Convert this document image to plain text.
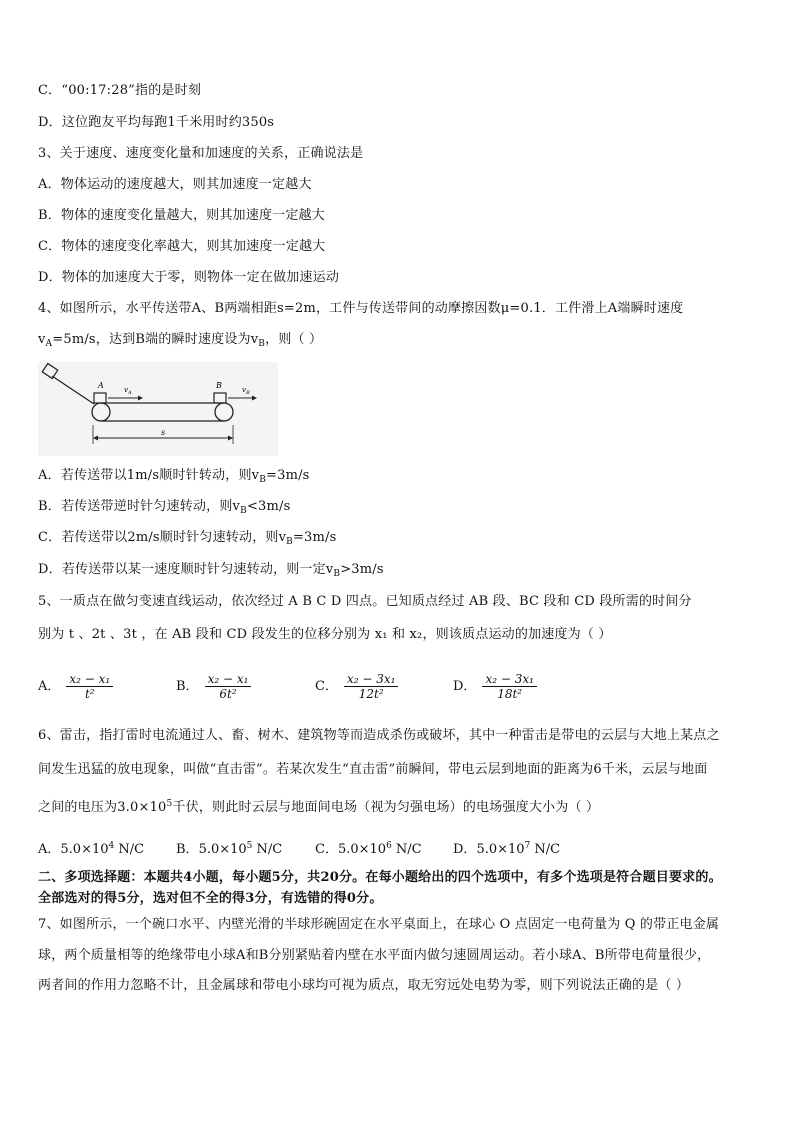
C．“00:17:28”指的是时刻
D．这位跑友平均每跑1千米用时约350s
3、关于速度、速度变化量和加速度的关系，正确说法是
A．物体运动的速度越大，则其加速度一定越大
B．物体的速度变化量越大，则其加速度一定越大
C．物体的速度变化率越大，则其加速度一定越大
D．物体的加速度大于零，则物体一定在做加速运动
4、如图所示，水平传送带A、B两端相距s=2m，工件与传送带间的动摩擦因数μ=0.1．工件滑上A端瞬时速度
$v_A=5m/s$，达到B端的瞬时速度设为$v_B$，则（ ）
A	B
$v_A$	$v_B$
s
A．若传送带以1m/s顺时针转动，则$v_B=3m/s$
B．若传送带逆时针匀速转动，则$v_B<3m/s$
C．若传送带以2m/s顺时针匀速转动，则$v_B=3m/s$
D．若传送带以某一速度顺时针匀速转动，则一定$v_B>3m/s$
5、一质点在做匀变速直线运动，依次经过 A B C D 四点。已知质点经过 AB 段、BC 段和 CD 段所需的时间分
别为 t 、2t 、3t ，在 AB 段和 CD 段发生的位移分别为 x₁ 和 x₂，则该质点运动的加速度为（ ）
A． $\frac{\text{x₂ − x₁}}{\text{t²}}$	B． $\frac{\text{x₂ − x₁}}{\text{6t²}}$	C． $\frac{\text{x₂ − 3x₁}}{\text{12t²}}$	D． $\frac{\text{x₂ − 3x₁}}{\text{18t²}}$
6、雷击，指打雷时电流通过人、畜、树木、建筑物等而造成杀伤或破坏，其中一种雷击是带电的云层与大地上某点之
间发生迅猛的放电现象，叫做“直击雷”。若某次发生“直击雷”前瞬间，带电云层到地面的距离为6千米，云层与地面
之间的电压为$3.0\times 10^5$千伏，则此时云层与地面间电场（视为匀强电场）的电场强度大小为（ ）
A．$5.0\times 10^4$ N/C B．$5.0\times 10^5$ N/C	C．$5.0\times 10^6$ N/C D．$5.0\times 10^7$ N/C
二、多项选择题：本题共4小题，每小题5分，共20分。在每小题给出的四个选项中，有多个选项是符合题目要求的。
全部选对的得5分，选对但不全的得3分，有选错的得0分。
7、如图所示，一个碗口水平、内壁光滑的半球形碗固定在水平桌面上，在球心 O 点固定一电荷量为 Q 的带正电金属
球，两个质量相等的绝缘带电小球A和B分别紧贴着内壁在水平面内做匀速圆周运动。若小球A、B所带电荷量很少，
两者间的作用力忽略不计，且金属球和带电小球均可视为质点，取无穷远处电势为零，则下列说法正确的是（ ）
